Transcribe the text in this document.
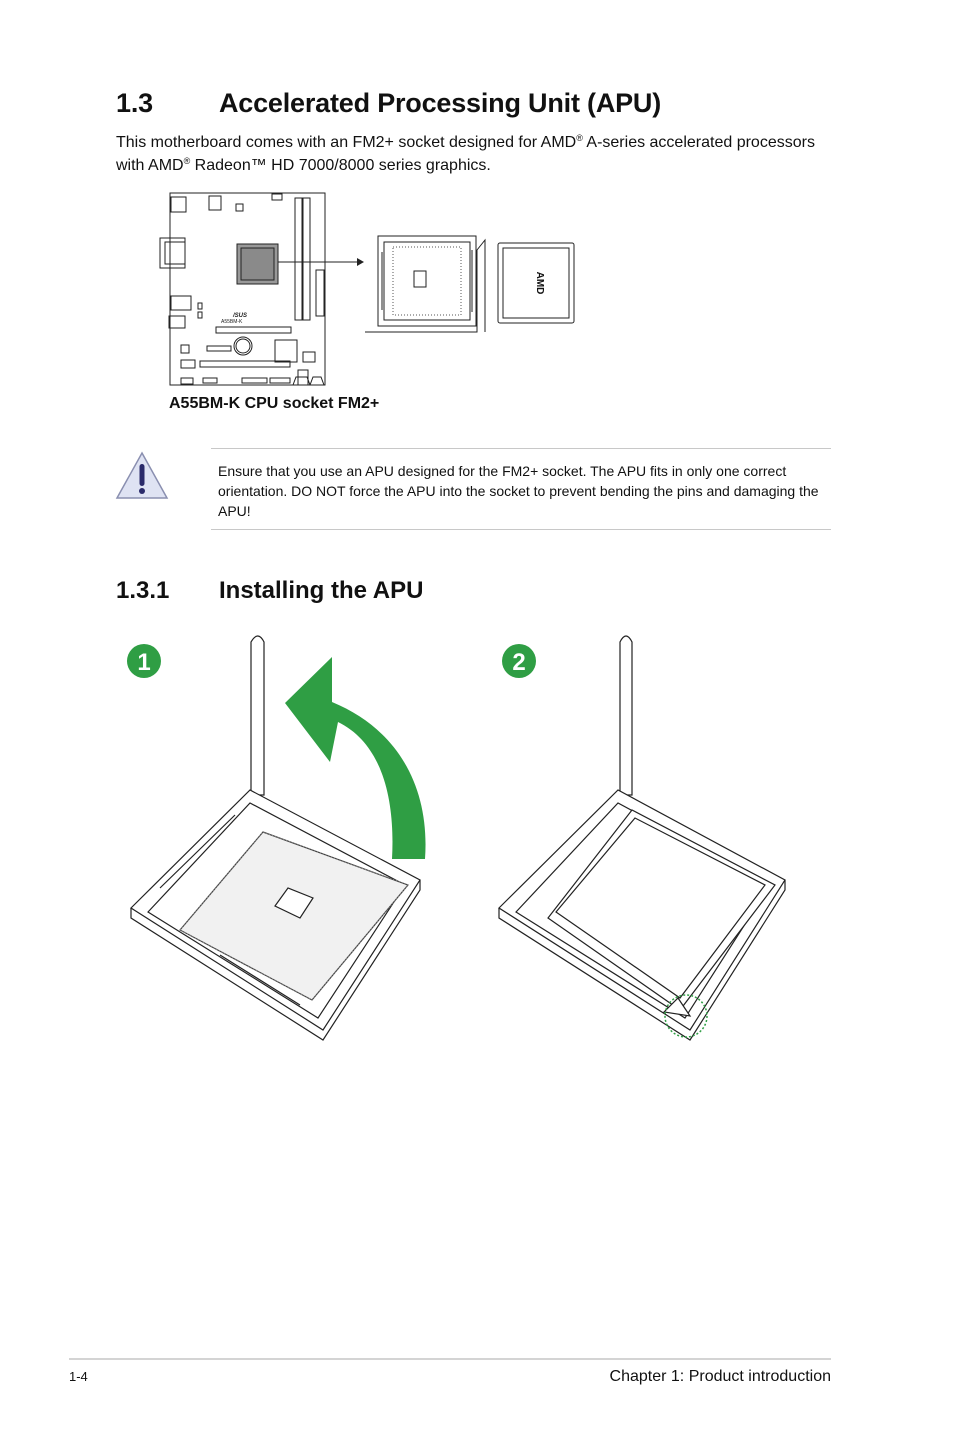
1.3 Accelerated Processing Unit (APU)

This motherboard comes with an FM2+ socket designed for AMD® A-series accelerated processors with AMD® Radeon™ HD 7000/8000 series graphics.

/SUS
A55BM-K
AMD

A55BM-K CPU socket FM2+

Ensure that you use an APU designed for the FM2+ socket. The APU fits in only one correct orientation. DO NOT force the APU into the socket to prevent bending the pins and damaging the APU!

1.3.1 Installing the APU
1	2

1-4	Chapter 1: Product introduction
